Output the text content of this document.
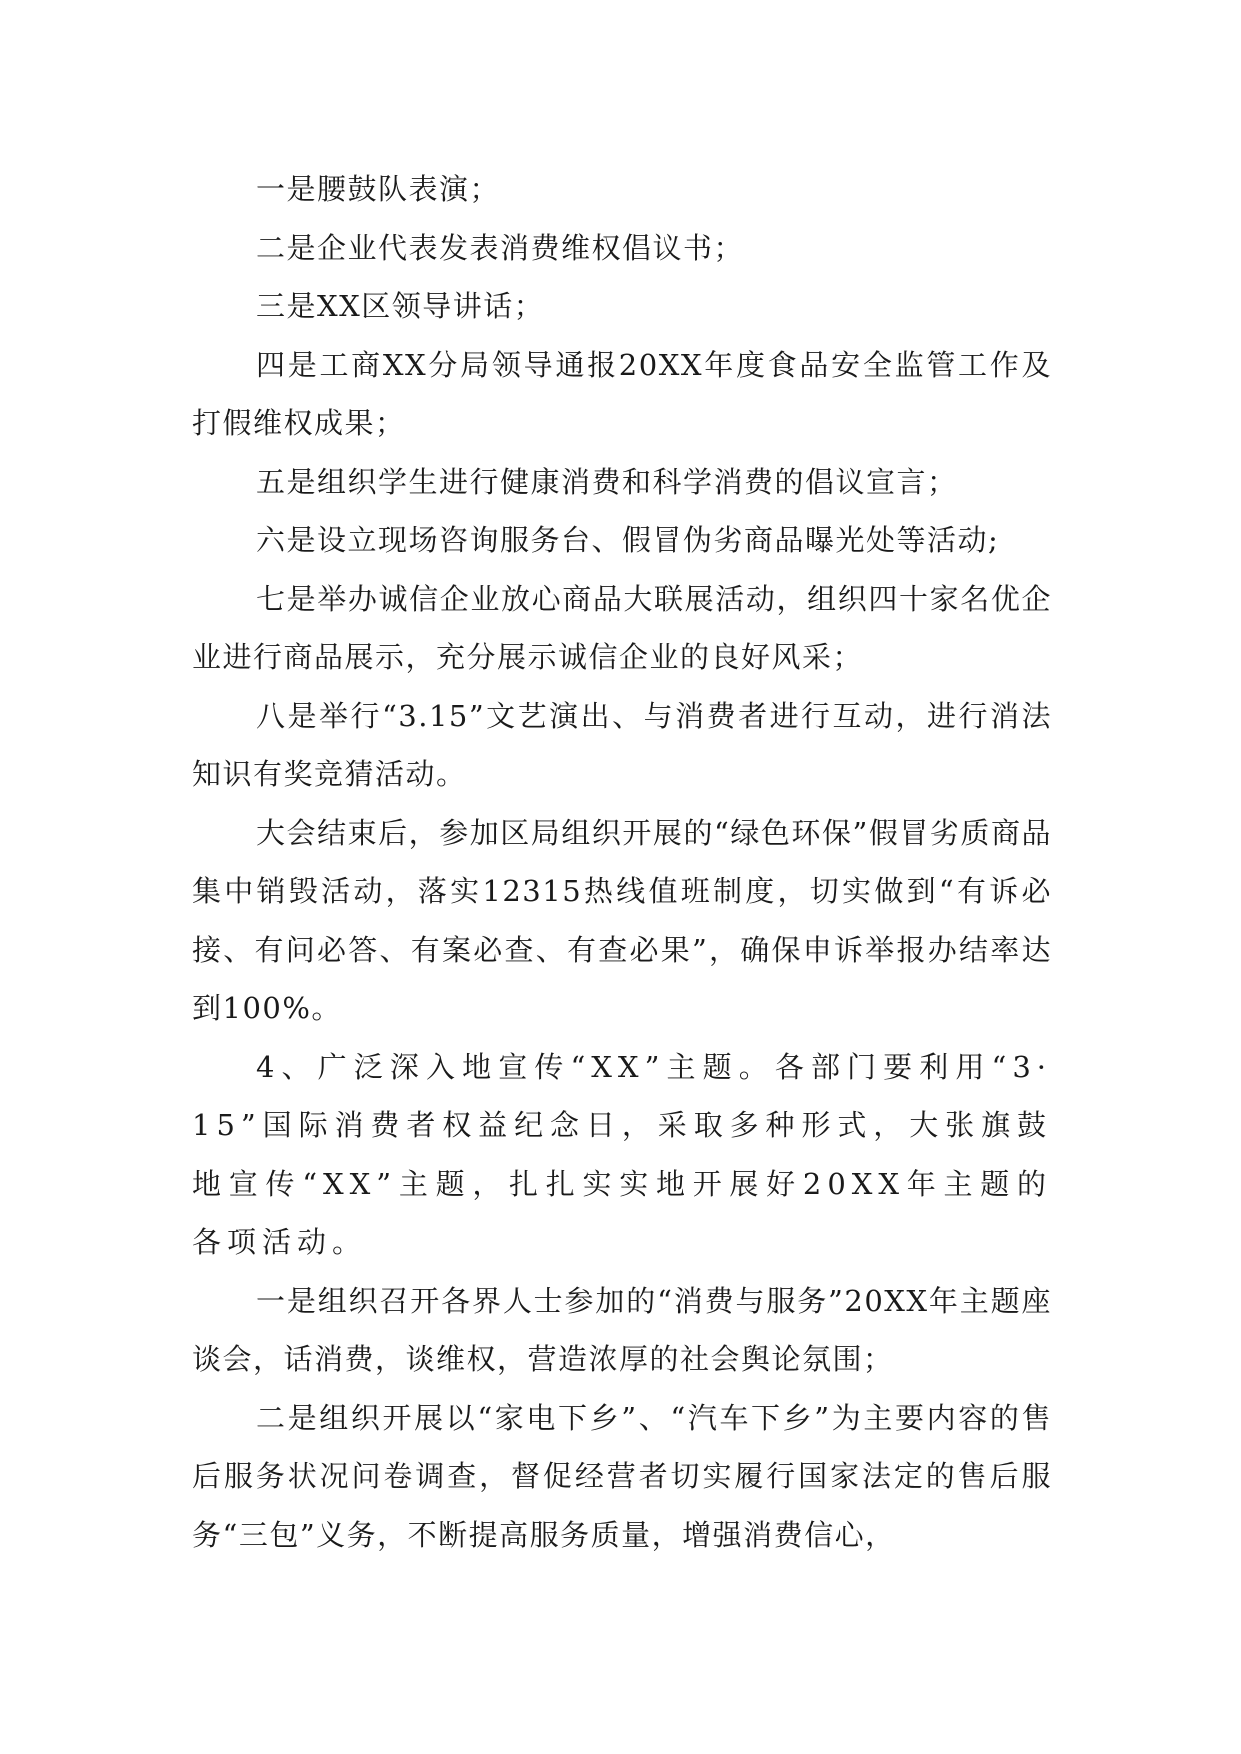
一是腰鼓队表演；

二是企业代表发表消费维权倡议书；

三是XX区领导讲话；

四是工商XX分局领导通报20XX年度食品安全监管工作及打假维权成果；

五是组织学生进行健康消费和科学消费的倡议宣言；

六是设立现场咨询服务台、假冒伪劣商品曝光处等活动;

七是举办诚信企业放心商品大联展活动，组织四十家名优企业进行商品展示，充分展示诚信企业的良好风采；

八是举行“3.15”文艺演出、与消费者进行互动，进行消法知识有奖竞猜活动。

大会结束后，参加区局组织开展的“绿色环保”假冒劣质商品集中销毁活动，落实12315热线值班制度，切实做到“有诉必接、有问必答、有案必查、有查必果”，确保申诉举报办结率达到100%。

4、广泛深入地宣传“XX”主题。各部门要利用“3·15”国际消费者权益纪念日，采取多种形式，大张旗鼓地宣传“XX”主题，扎扎实实地开展好20XX年主题的各项活动。

一是组织召开各界人士参加的“消费与服务”20XX年主题座谈会，话消费，谈维权，营造浓厚的社会舆论氛围；

二是组织开展以“家电下乡”、“汽车下乡”为主要内容的售后服务状况问卷调查，督促经营者切实履行国家法定的售后服务“三包”义务，不断提高服务质量，增强消费信心，
